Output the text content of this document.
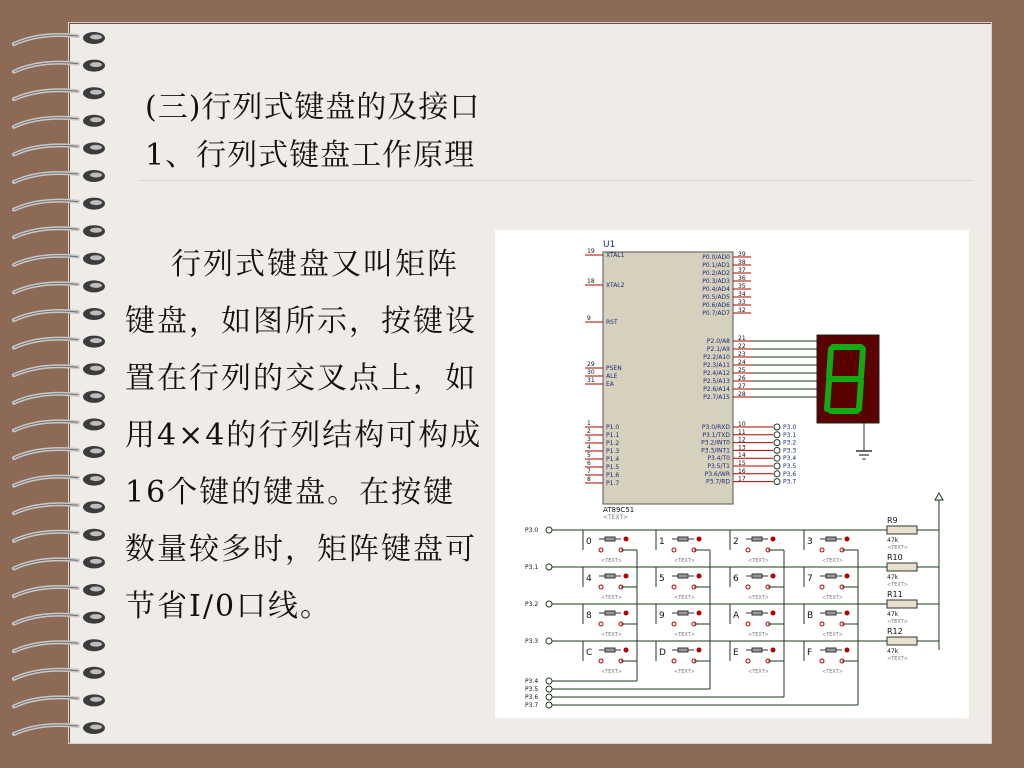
(三)行列式键盘的及接口
1、行列式键盘工作原理

行列式键盘又叫矩阵键盘，如图所示，按键设置在行列的交叉点上，如用4×4的行列结构可构成16个键的键盘。在按键数量较多时，矩阵键盘可节省I/0口线。

U1
AT89C51
<TEXT>
19
XTAL1
18
XTAL2
9
RST
29
PSEN
30
ALE
31
EA
1
P1.0
2
P1.1
3
P1.2
4
P1.3
5
P1.4
6
P1.5
7
P1.6
8
P1.7
P0.0/AD0 39
P0.1/AD1 38
P0.2/AD2 37
P0.3/AD3 36
P0.4/AD4 35
P0.5/AD5 34
P0.6/AD6 33
P0.7/AD7 32
P2.0/A8 21
P2.1/A9 22
P2.2/A10 23
P2.3/A11 24
P2.4/A12 25
P2.5/A13 26
P2.6/A14 27
P2.7/A15 28
P3.0/RXD 10	P3.0
P3.1/TXD 11	P3.1
P3.2/INT0 12	P3.2
P3.3/INT1 13	P3.3
P3.4/T0 14	P3.4
P3.5/T1 15	P3.5
P3.6/WR 16	P3.6
P3.7/RD 17	P3.7
P3.0
R9
47k
<TEXT>
P3.1
R10
47k
<TEXT>
P3.2
R11
47k
<TEXT>
P3.3
R12
47k
<TEXT>
0
<TEXT>
1
<TEXT>
2
<TEXT>
3
<TEXT>
4
<TEXT>
5
<TEXT>
6
<TEXT>
7
<TEXT>
8
<TEXT>
9
<TEXT>
A
<TEXT>
B
<TEXT>
C
<TEXT>
D
<TEXT>
E
<TEXT>
F
<TEXT>
P3.4
P3.5
P3.6
P3.7
